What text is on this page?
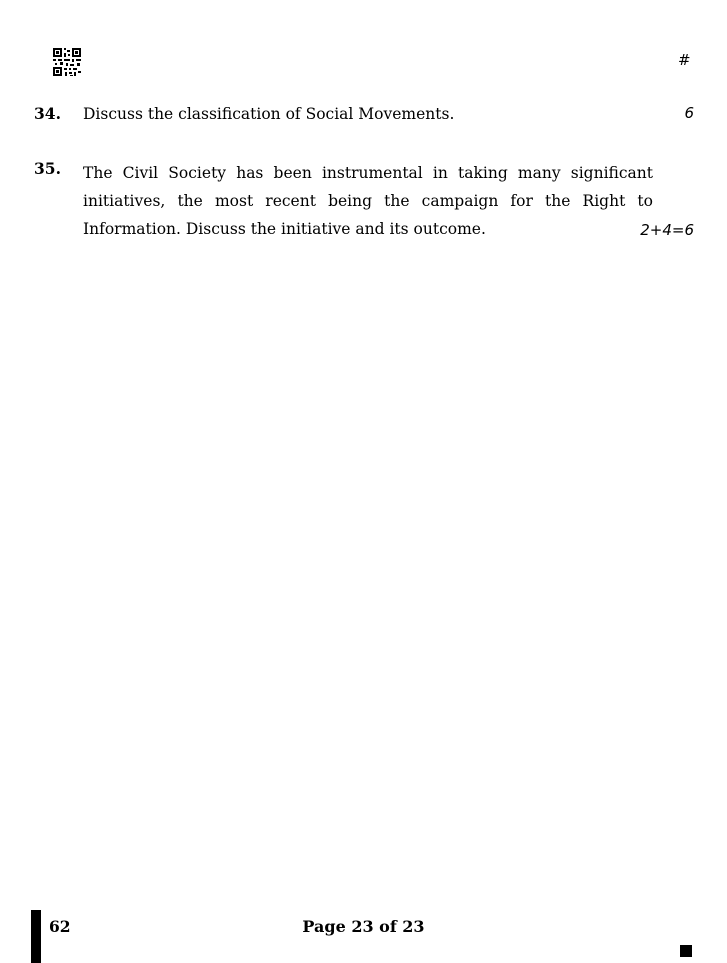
#
34. Discuss the classification of Social Movements.	6
35. The Civil Society has been instrumental in taking many significant initiatives, the most recent being the campaign for the Right to
Information. Discuss the initiative and its outcome.	2+4=6
62	Page 23 of 23
